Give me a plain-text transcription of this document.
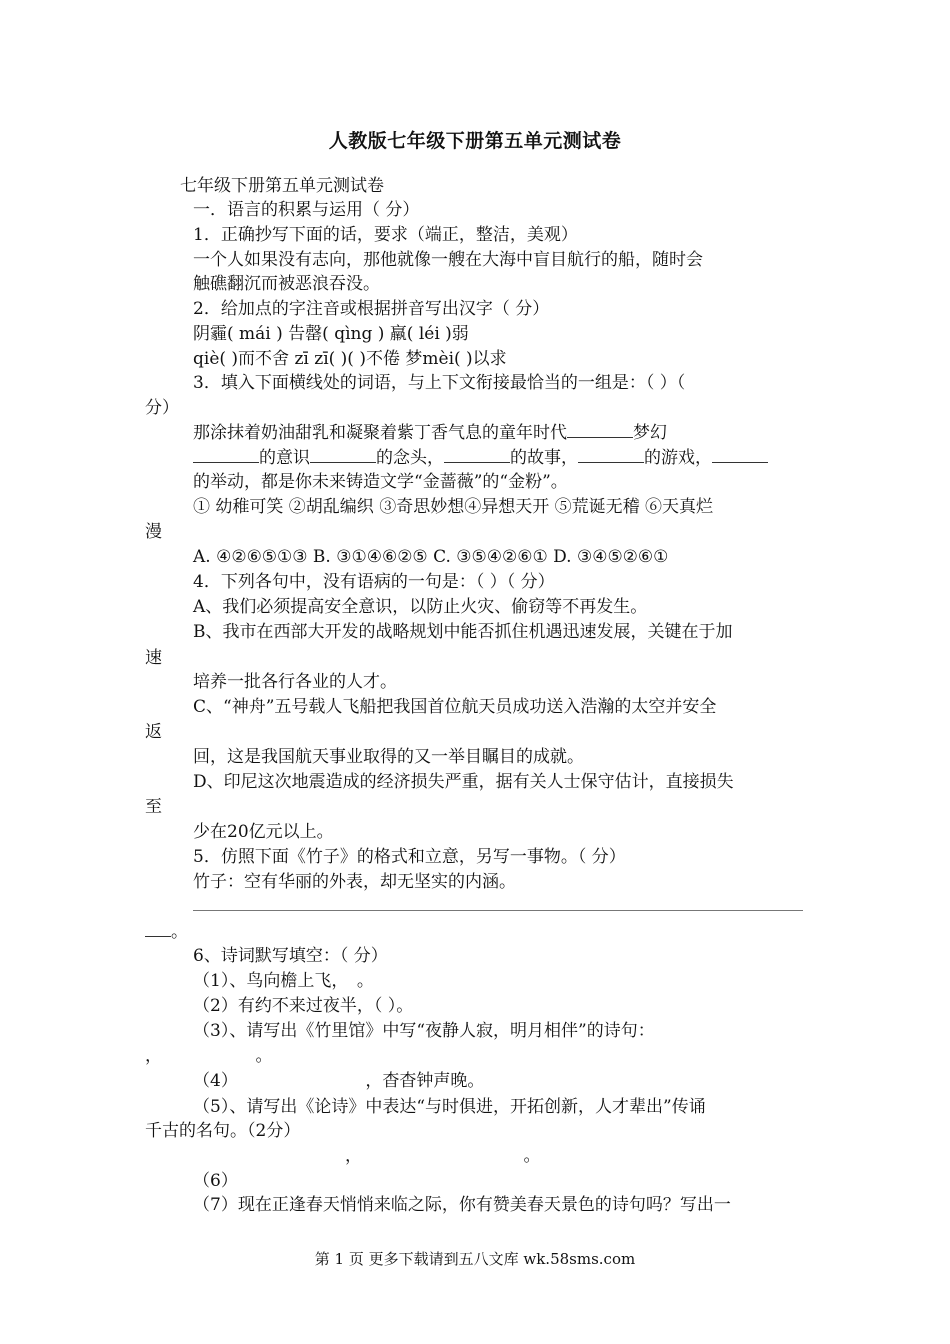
人教版七年级下册第五单元测试卷
七年级下册第五单元测试卷
一．语言的积累与运用（ 分）
1．正确抄写下面的话，要求（端正，整洁，美观）
一个人如果没有志向，那他就像一艘在大海中盲目航行的船，随时会
触礁翻沉而被恶浪吞没。
2．给加点的字注音或根据拼音写出汉字（ 分）
阴霾( mái ) 告罄( qìng ) 羸( léi )弱
qiè( )而不舍 zī zī( )( )不倦 梦mèi( )以求
3．填入下面横线处的词语，与上下文衔接最恰当的一组是：（ ）（
分）
那涂抹着奶油甜乳和凝聚着紫丁香气息的童年时代	梦幻
的意识	的念头，	的故事，	的游戏，
的举动，都是你未来铸造文学“金蔷薇”的“金粉”。
① 幼稚可笑 ②胡乱编织 ③奇思妙想④异想天开 ⑤荒诞无稽 ⑥天真烂
漫
A. ④②⑥⑤①③ B. ③①④⑥②⑤ C. ③⑤④②⑥① D. ③④⑤②⑥①
4．下列各句中，没有语病的一句是：（ ）（ 分）
A、我们必须提高安全意识，以防止火灾、偷窃等不再发生。
B、我市在西部大开发的战略规划中能否抓住机遇迅速发展，关键在于加
速
培养一批各行各业的人才。
C、“神舟”五号载人飞船把我国首位航天员成功送入浩瀚的太空并安全
返
回，这是我国航天事业取得的又一举目瞩目的成就。
D、印尼这次地震造成的经济损失严重，据有关人士保守估计，直接损失
至
少在20亿元以上。
5．仿照下面《竹子》的格式和立意，另写一事物。（ 分）
竹子：空有华丽的外表，却无坚实的内涵。
。
6、诗词默写填空：（ 分）
（1）、鸟向檐上飞，　。
（2）有约不来过夜半，（ ）。
（3）、请写出《竹里馆》中写“夜静人寂，明月相伴”的诗句：
，　　　　　　。
（4）　　　　　　　　，杳杳钟声晚。
（5）、请写出《论诗》中表达“与时俱进，开拓创新，人才辈出”传诵
千古的名句。（2分）
，　　　　　　　　　　。
（6）
（7）现在正逢春天悄悄来临之际，你有赞美春天景色的诗句吗？写出一
第 1 页 更多下载请到五八文库 wk.58sms.com
